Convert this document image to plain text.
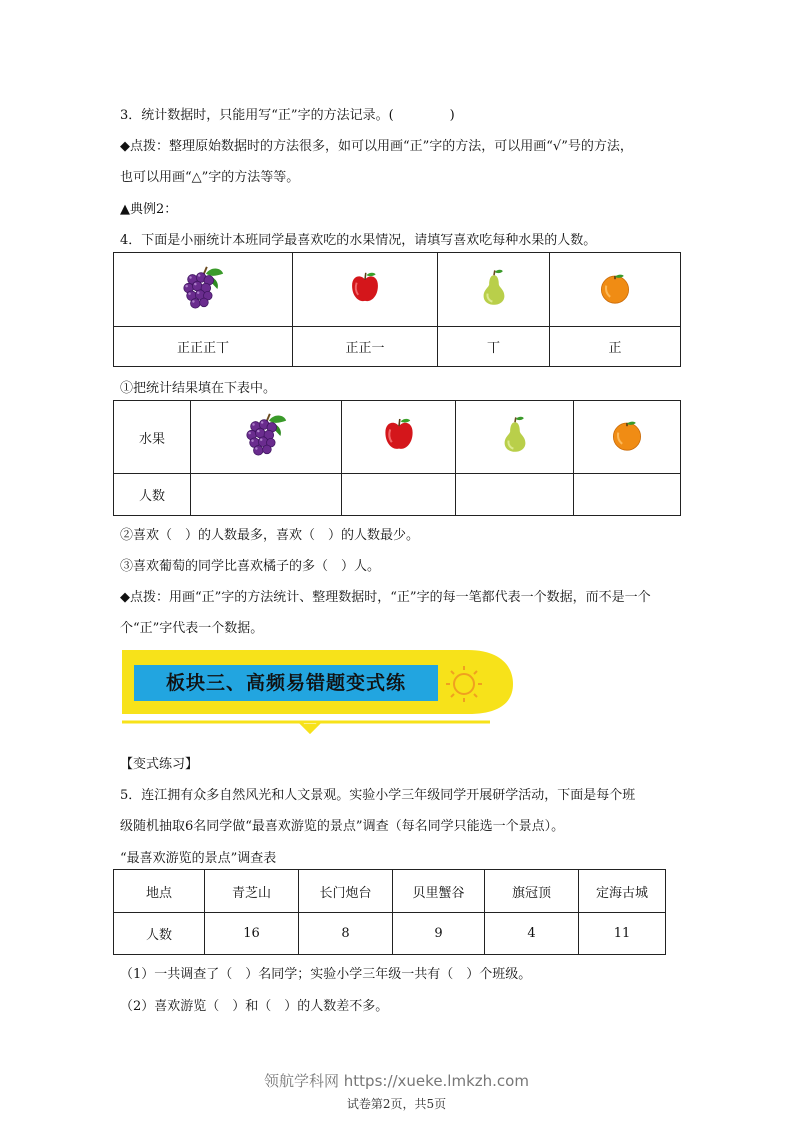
3．统计数据时，只能用写“正”字的方法记录。(	)
◆点拨：整理原始数据时的方法很多，如可以用画“正”字的方法，可以用画“√”号的方法，
也可以用画“△”字的方法等等。
▲典例2：
4．下面是小丽统计本班同学最喜欢吃的水果情况，请填写喜欢吃每种水果的人数。

正正正丅	正正一	丅	正
①把统计结果填在下表中。
水果				
人数				
②喜欢（　）的人数最多，喜欢（　）的人数最少。
③喜欢葡萄的同学比喜欢橘子的多（　）人。
◆点拨：用画“正”字的方法统计、整理数据时，“正”字的每一笔都代表一个数据，而不是一个
个“正”字代表一个数据。
板块三、高频易错题变式练
【变式练习】
5．连江拥有众多自然风光和人文景观。实验小学三年级同学开展研学活动，下面是每个班
级随机抽取6名同学做“最喜欢游览的景点”调查（每名同学只能选一个景点）。
“最喜欢游览的景点”调查表
地点	青芝山	长门炮台	贝里蟹谷	旗冠顶	定海古城
人数	16	8	9	4	11
（1）一共调查了（　）名同学；实验小学三年级一共有（　）个班级。
（2）喜欢游览（　）和（　）的人数差不多。
试卷第2页，共5页
领航学科网 https://xueke.lmkzh.com
